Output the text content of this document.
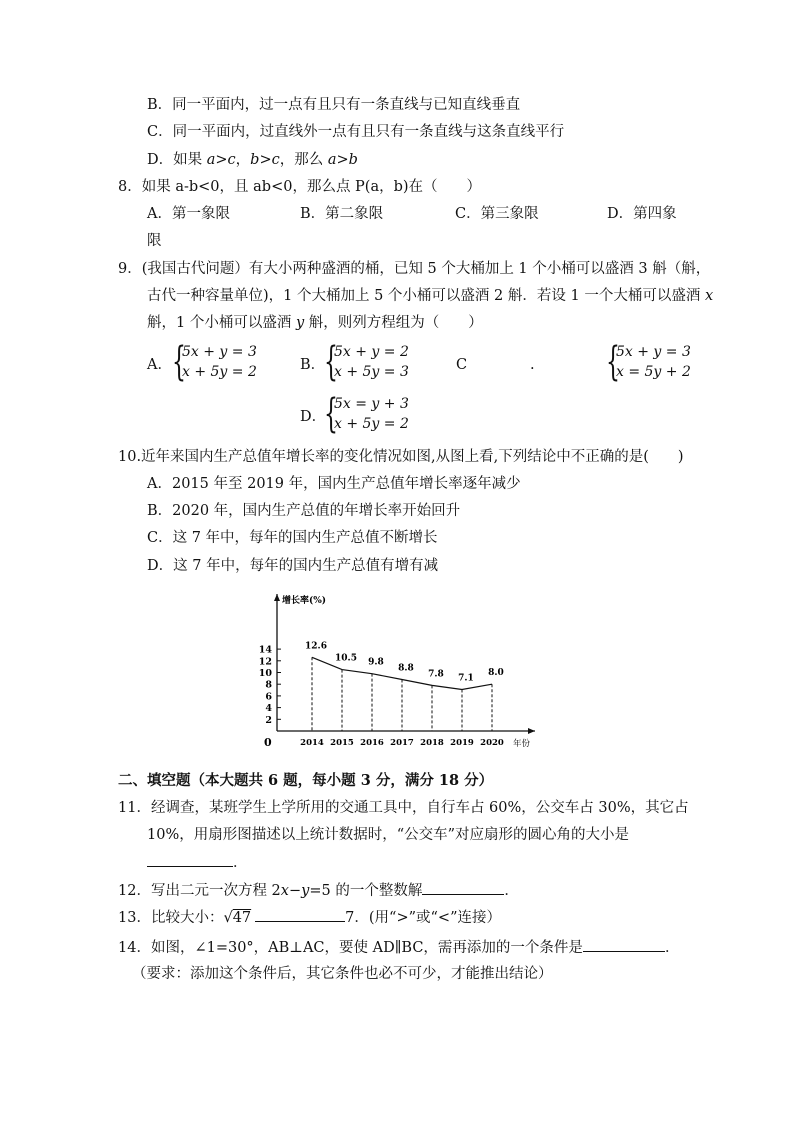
B．同一平面内，过一点有且只有一条直线与已知直线垂直
C．同一平面内，过直线外一点有且只有一条直线与这条直线平行
D．如果 a>c，b>c，那么 a>b
8．如果 a-b<0，且 ab<0，那么点 P(a，b)在（　　）
A．第一象限	B．第二象限	C．第三象限	D．第四象
限
9．(我国古代问题）有大小两种盛酒的桶，已知 5 个大桶加上 1 个小桶可以盛酒 3 斛（斛，
古代一种容量单位)，1 个大桶加上 5 个小桶可以盛酒 2 斛．若设 1 一个大桶可以盛酒 x
斛，1 个小桶可以盛酒 y 斛，则列方程组为（　　）
A． {
5x + y = 3
x + 5y = 2	B．
{
5x + y = 2
x + 5y = 3	C	. {
5x + y = 3
x = 5y + 2
D．
{
5x = y + 3
x + 5y = 2
10.近年来国内生产总值年增长率的变化情况如图,从图上看,下列结论中不正确的是(　　)
A．2015 年至 2019 年，国内生产总值年增长率逐年减少
B．2020 年，国内生产总值的年增长率开始回升
C．这 7 年中，每年的国内生产总值不断增长
D．这 7 年中，每年的国内生产总值有增有减
增长率(%)
0	年份
2
4
6
8
10
12
14
2014
12.6
2015
10.5
2016
9.8
2017
8.8
2018
7.8
2019
7.1
2020
8.0
二、填空题（本大题共 6 题，每小题 3 分，满分 18 分）
11．经调查，某班学生上学所用的交通工具中，自行车占 60%，公交车占 30%，其它占
10%，用扇形图描述以上统计数据时，“公交车”对应扇形的圆心角的大小是
．
12．写出二元一次方程 2x−y=5 的一个整数解	．
13．比较大小：√47	7．(用“>”或“<”连接）
14．如图，∠1=30°，AB⊥AC，要使 AD∥BC，需再添加的一个条件是	．
（要求：添加这个条件后，其它条件也必不可少，才能推出结论）
